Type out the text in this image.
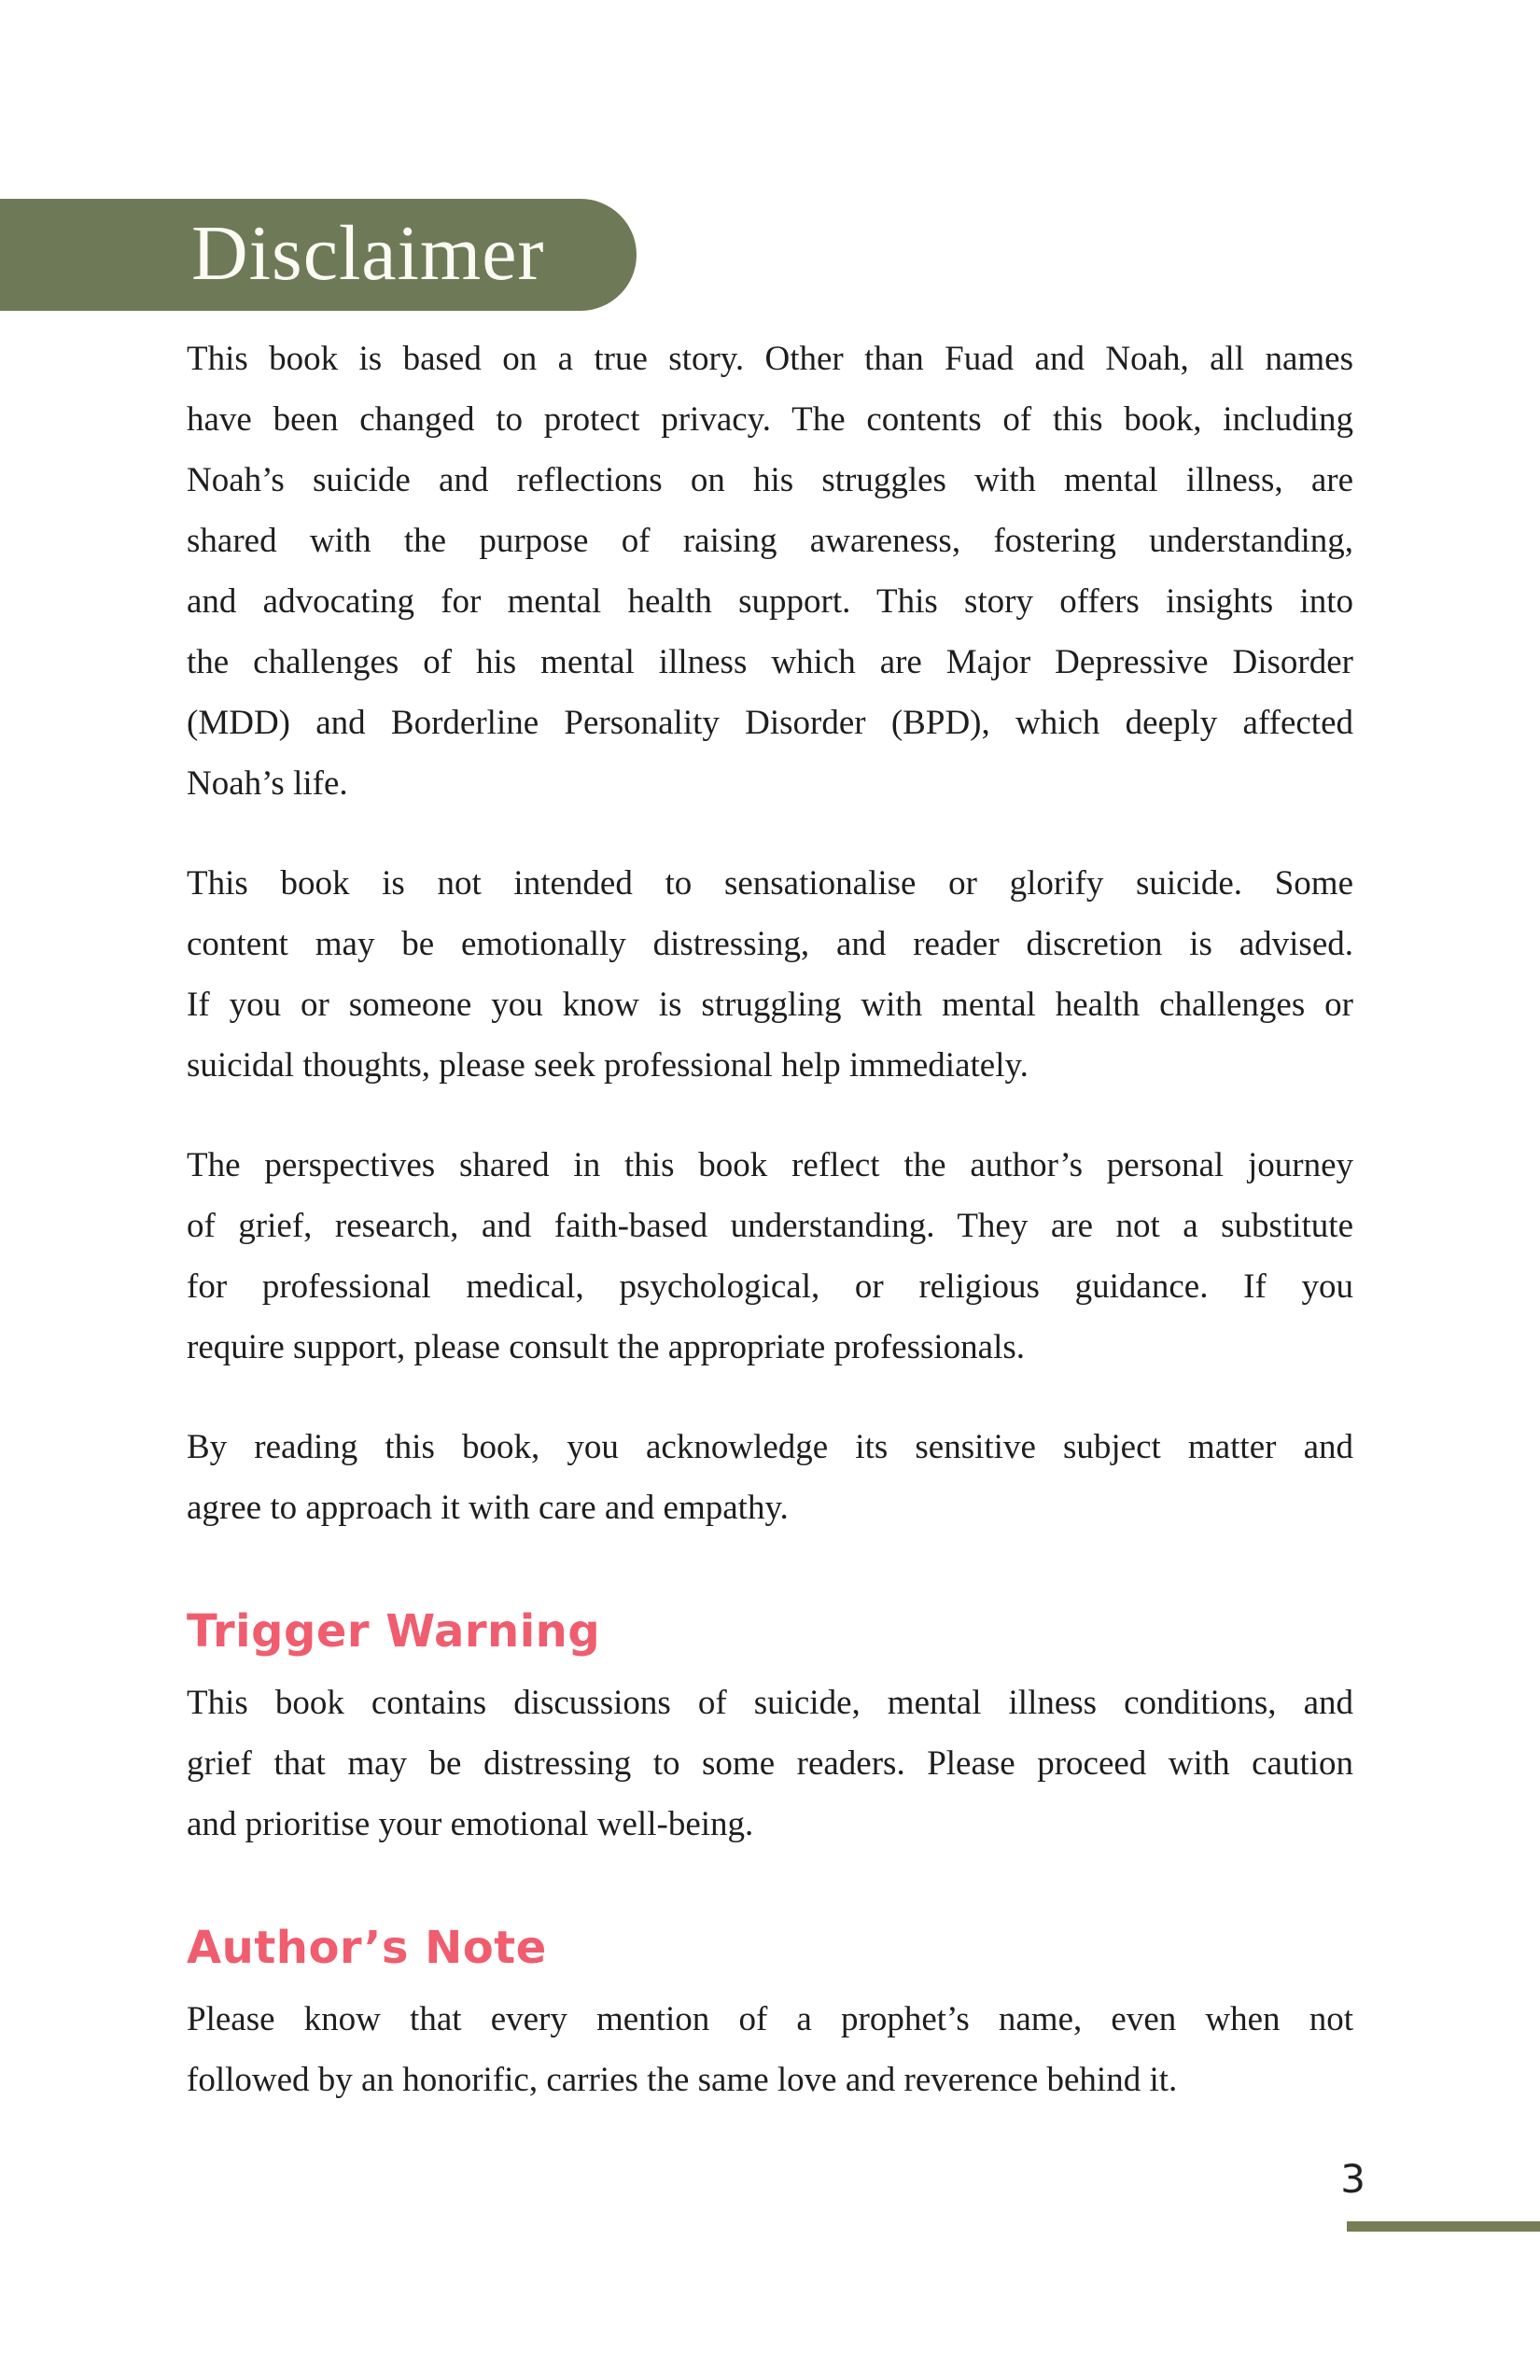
Disclaimer
This book is based on a true story. Other than Fuad and Noah, all names
have been changed to protect privacy. The contents of this book, including
Noah’s suicide and reflections on his struggles with mental illness, are
shared with the purpose of raising awareness, fostering understanding,
and advocating for mental health support. This story offers insights into
the challenges of his mental illness which are Major Depressive Disorder
(MDD) and Borderline Personality Disorder (BPD), which deeply affected
Noah’s life.
This book is not intended to sensationalise or glorify suicide. Some
content may be emotionally distressing, and reader discretion is advised.
If you or someone you know is struggling with mental health challenges or
suicidal thoughts, please seek professional help immediately.
The perspectives shared in this book reflect the author’s personal journey
of grief, research, and faith-based understanding. They are not a substitute
for professional medical, psychological, or religious guidance. If you
require support, please consult the appropriate professionals.
By reading this book, you acknowledge its sensitive subject matter and
agree to approach it with care and empathy.
Trigger Warning
This book contains discussions of suicide, mental illness conditions, and
grief that may be distressing to some readers. Please proceed with caution
and prioritise your emotional well-being.
Author’s Note
Please know that every mention of a prophet’s name, even when not
followed by an honorific, carries the same love and reverence behind it.
3
